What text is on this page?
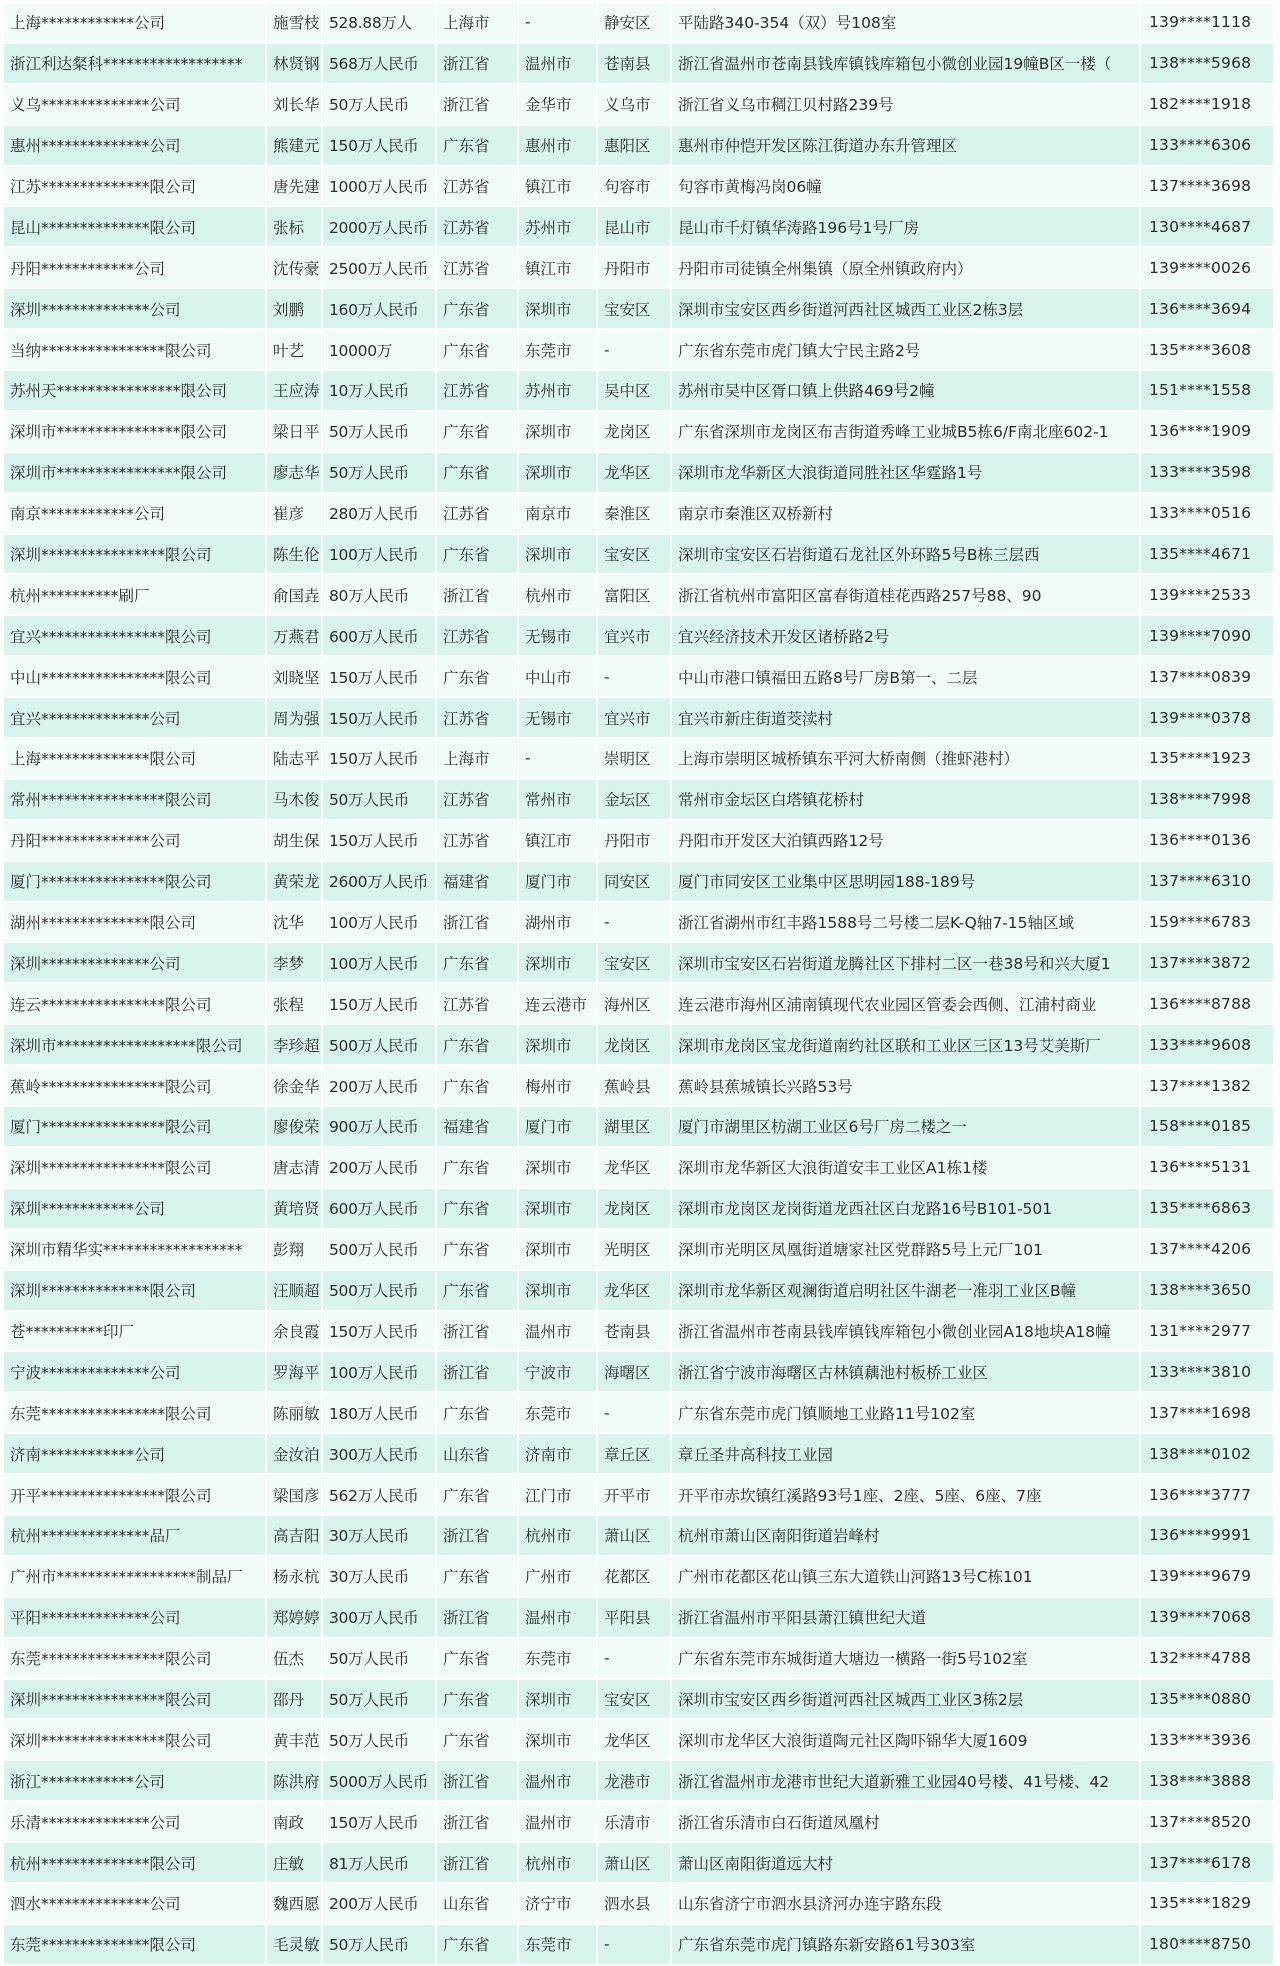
上海************公司	施雪枝	528.88万人	上海市	-	静安区	平陆路340-354（双）号108室	139****1118
浙江利达粲科******************	林贤钢	568万人民币	浙江省	温州市	苍南县	浙江省温州市苍南县钱库镇钱库箱包小微创业园19幢B区一楼（	138****5968
义乌**************公司	刘长华	50万人民币	浙江省	金华市	义乌市	浙江省义乌市稠江贝村路239号	182****1918
惠州**************公司	熊建元	150万人民币	广东省	惠州市	惠阳区	惠州市仲恺开发区陈江街道办东升管理区	133****6306
江苏**************限公司	唐先建	1000万人民币	江苏省	镇江市	句容市	句容市黄梅冯岗06幢	137****3698
昆山**************限公司	张标	2000万人民币	江苏省	苏州市	昆山市	昆山市千灯镇华涛路196号1号厂房	130****4687
丹阳************公司	沈传豪	2500万人民币	江苏省	镇江市	丹阳市	丹阳市司徒镇全州集镇（原全州镇政府内）	139****0026
深圳**************公司	刘鹏	160万人民币	广东省	深圳市	宝安区	深圳市宝安区西乡街道河西社区城西工业区2栋3层	136****3694
当纳****************限公司	叶艺	10000万	广东省	东莞市	-	广东省东莞市虎门镇大宁民主路2号	135****3608
苏州天****************限公司	王应涛	10万人民币	江苏省	苏州市	吴中区	苏州市吴中区胥口镇上供路469号2幢	151****1558
深圳市****************限公司	梁日平	50万人民币	广东省	深圳市	龙岗区	广东省深圳市龙岗区布吉街道秀峰工业城B5栋6/F南北座602-1	136****1909
深圳市****************限公司	廖志华	50万人民币	广东省	深圳市	龙华区	深圳市龙华新区大浪街道同胜社区华霆路1号	133****3598
南京************公司	崔彦	280万人民币	江苏省	南京市	秦淮区	南京市秦淮区双桥新村	133****0516
深圳****************限公司	陈生伦	100万人民币	广东省	深圳市	宝安区	深圳市宝安区石岩街道石龙社区外环路5号B栋三层西	135****4671
杭州**********刷厂	俞国垚	80万人民币	浙江省	杭州市	富阳区	浙江省杭州市富阳区富春街道桂花西路257号88、90	139****2533
宜兴****************限公司	万燕君	600万人民币	江苏省	无锡市	宜兴市	宜兴经济技术开发区诸桥路2号	139****7090
中山****************限公司	刘晓坚	150万人民币	广东省	中山市	-	中山市港口镇福田五路8号厂房B第一、二层	137****0839
宜兴**************公司	周为强	150万人民币	江苏省	无锡市	宜兴市	宜兴市新庄街道茭渎村	139****0378
上海**************限公司	陆志平	150万人民币	上海市	-	崇明区	上海市崇明区城桥镇东平河大桥南侧（推虾港村）	135****1923
常州****************限公司	马木俊	50万人民币	江苏省	常州市	金坛区	常州市金坛区白塔镇花桥村	138****7998
丹阳**************公司	胡生保	150万人民币	江苏省	镇江市	丹阳市	丹阳市开发区大泊镇西路12号	136****0136
厦门****************限公司	黄荣龙	2600万人民币	福建省	厦门市	同安区	厦门市同安区工业集中区思明园188-189号	137****6310
湖州**************限公司	沈华	100万人民币	浙江省	湖州市	-	浙江省湖州市红丰路1588号二号楼二层K-Q轴7-15轴区域	159****6783
深圳**************公司	李梦	100万人民币	广东省	深圳市	宝安区	深圳市宝安区石岩街道龙腾社区下排村二区一巷38号和兴大厦1	137****3872
连云****************限公司	张程	150万人民币	江苏省	连云港市	海州区	连云港市海州区浦南镇现代农业园区管委会西侧、江浦村商业	136****8788
深圳市******************限公司	李珍超	500万人民币	广东省	深圳市	龙岗区	深圳市龙岗区宝龙街道南约社区联和工业区三区13号艾美斯厂	133****9608
蕉岭****************限公司	徐金华	200万人民币	广东省	梅州市	蕉岭县	蕉岭县蕉城镇长兴路53号	137****1382
厦门****************限公司	廖俊荣	900万人民币	福建省	厦门市	湖里区	厦门市湖里区枋湖工业区6号厂房二楼之一	158****0185
深圳****************限公司	唐志清	200万人民币	广东省	深圳市	龙华区	深圳市龙华新区大浪街道安丰工业区A1栋1楼	136****5131
深圳************公司	黄培贤	600万人民币	广东省	深圳市	龙岗区	深圳市龙岗区龙岗街道龙西社区白龙路16号B101-501	135****6863
深圳市精华实******************	彭翔	500万人民币	广东省	深圳市	光明区	深圳市光明区凤凰街道塘家社区党群路5号上元厂101	137****4206
深圳**************限公司	汪顺超	500万人民币	广东省	深圳市	龙华区	深圳市龙华新区观澜街道启明社区牛湖老一准羽工业区B幢	138****3650
苍**********印厂	余良霞	150万人民币	浙江省	温州市	苍南县	浙江省温州市苍南县钱库镇钱库箱包小微创业园A18地块A18幢	131****2977
宁波**************公司	罗海平	100万人民币	浙江省	宁波市	海曙区	浙江省宁波市海曙区古林镇藕池村板桥工业区	133****3810
东莞****************限公司	陈丽敏	180万人民币	广东省	东莞市	-	广东省东莞市虎门镇顺地工业路11号102室	137****1698
济南************公司	金汝泊	300万人民币	山东省	济南市	章丘区	章丘圣井高科技工业园	138****0102
开平****************限公司	梁国彦	562万人民币	广东省	江门市	开平市	开平市赤坎镇红溪路93号1座、2座、5座、6座、7座	136****3777
杭州**************品厂	高吉阳	30万人民币	浙江省	杭州市	萧山区	杭州市萧山区南阳街道岩峰村	136****9991
广州市******************制品厂	杨永杭	30万人民币	广东省	广州市	花都区	广州市花都区花山镇三东大道铁山河路13号C栋101	139****9679
平阳**************公司	郑婷婷	300万人民币	浙江省	温州市	平阳县	浙江省温州市平阳县萧江镇世纪大道	139****7068
东莞****************限公司	伍杰	50万人民币	广东省	东莞市	-	广东省东莞市东城街道大塘边一横路一街5号102室	132****4788
深圳****************限公司	邵丹	50万人民币	广东省	深圳市	宝安区	深圳市宝安区西乡街道河西社区城西工业区3栋2层	135****0880
深圳****************限公司	黄丰范	50万人民币	广东省	深圳市	龙华区	深圳市龙华区大浪街道陶元社区陶吓锦华大厦1609	133****3936
浙江************公司	陈洪府	5000万人民币	浙江省	温州市	龙港市	浙江省温州市龙港市世纪大道新雅工业园40号楼、41号楼、42	138****3888
乐清**************公司	南政	150万人民币	浙江省	温州市	乐清市	浙江省乐清市白石街道凤凰村	137****8520
杭州**************限公司	庄敏	81万人民币	浙江省	杭州市	萧山区	萧山区南阳街道远大村	137****6178
泗水**************公司	魏西愿	200万人民币	山东省	济宁市	泗水县	山东省济宁市泗水县济河办连宇路东段	135****1829
东莞**************限公司	毛灵敏	50万人民币	广东省	东莞市	-	广东省东莞市虎门镇路东新安路61号303室	180****8750
